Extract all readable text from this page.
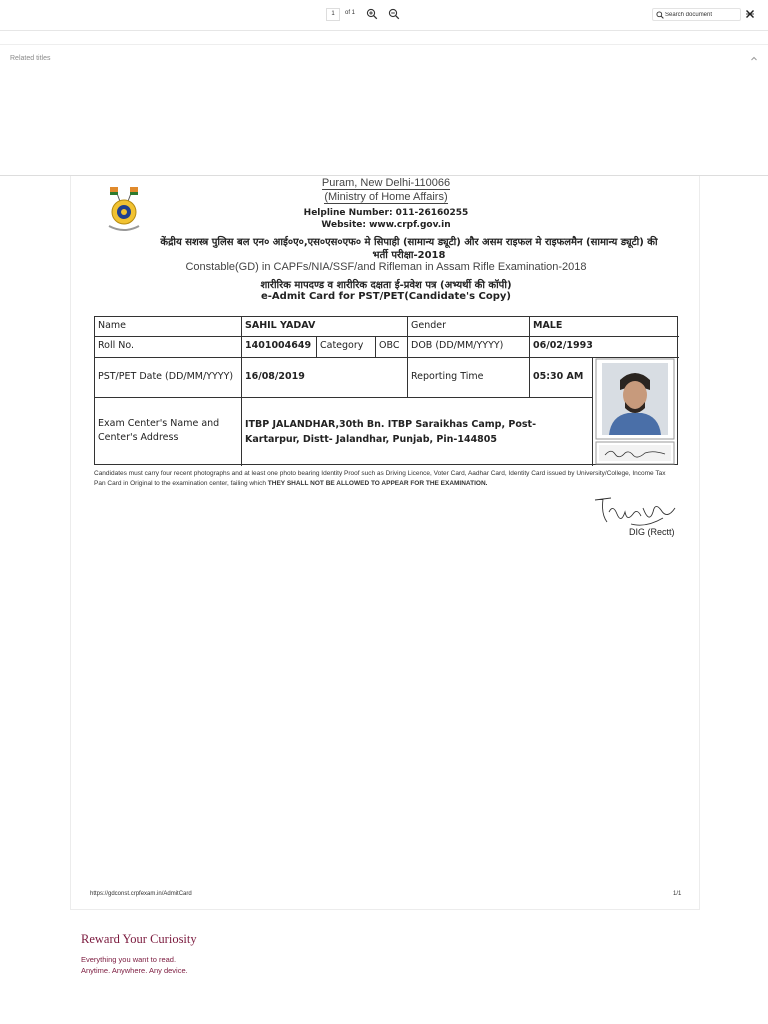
1	of 1
Search document
Related titles
Puram, New Delhi-110066
(Ministry of Home Affairs)
Helpline Number: 011-26160255
Website: www.crpf.gov.in
केंद्रीय सशस्त्र पुलिस बल एन० आई०ए०,एस०एस०एफ० मे सिपाही (सामान्य ड्यूटी) और असम राइफल मे राइफलमैन (सामान्य ड्यूटी) की भर्ती परीक्षा-2018
Constable(GD) in CAPFs/NIA/SSF/and Rifleman in Assam Rifle Examination-2018
शारीरिक मापदण्ड व शारीरिक दक्षता ई-प्रवेश पत्र (अभ्यर्थी की कॉपी)
e-Admit Card for PST/PET(Candidate's Copy)
Name	SAHIL YADAV	Gender	MALE
Roll No.	1401004649 Category	OBC	DOB (DD/MM/YYYY)	06/02/1993
PST/PET Date (DD/MM/YYYY)	16/08/2019	Reporting Time	05:30 AM
Exam Center's Name and Center's Address
ITBP JALANDHAR,30th Bn. ITBP Saraikhas Camp, Post-Kartarpur, Distt- Jalandhar, Punjab, Pin-144805
Candidates must carry four recent photographs and at least one photo bearing Identity Proof such as Driving Licence, Voter Card, Aadhar Card, Identity Card issued by University/College, Income Tax Pan Card in Original to the examination center, failing which THEY SHALL NOT BE ALLOWED TO APPEAR FOR THE EXAMINATION.
DIG (Rectt)
https://gdconst.crpfexam.in/AdmitCard	1/1
Reward Your Curiosity
Everything you want to read.
Anytime. Anywhere. Any device.
